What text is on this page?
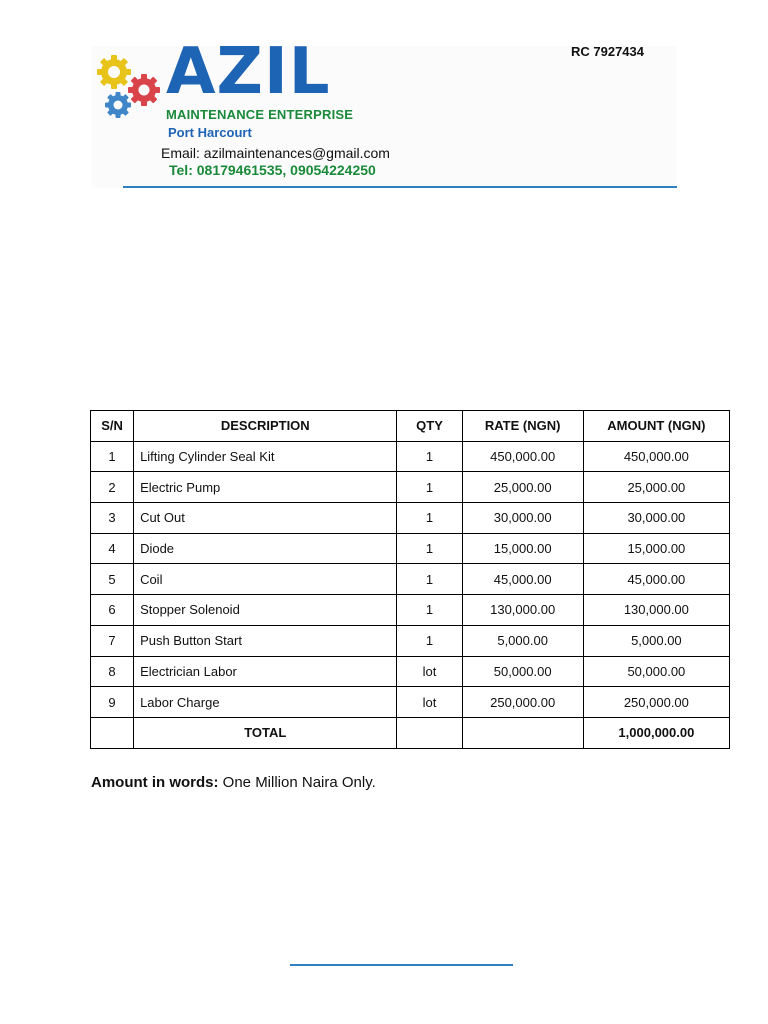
AZIL
MAINTENANCE ENTERPRISE
Port Harcourt
Email: azilmaintenances@gmail.com
Tel: 08179461535, 09054224250
RC 7927434
S/N	DESCRIPTION	QTY	RATE (NGN)	AMOUNT (NGN)
1	Lifting Cylinder Seal Kit	1	450,000.00	450,000.00
2	Electric Pump	1	25,000.00	25,000.00
3	Cut Out	1	30,000.00	30,000.00
4	Diode	1	15,000.00	15,000.00
5	Coil	1	45,000.00	45,000.00
6	Stopper Solenoid	1	130,000.00	130,000.00
7	Push Button Start	1	5,000.00	5,000.00
8	Electrician Labor	lot	50,000.00	50,000.00
9	Labor Charge	lot	250,000.00	250,000.00
	TOTAL			1,000,000.00
Amount in words: One Million Naira Only.
